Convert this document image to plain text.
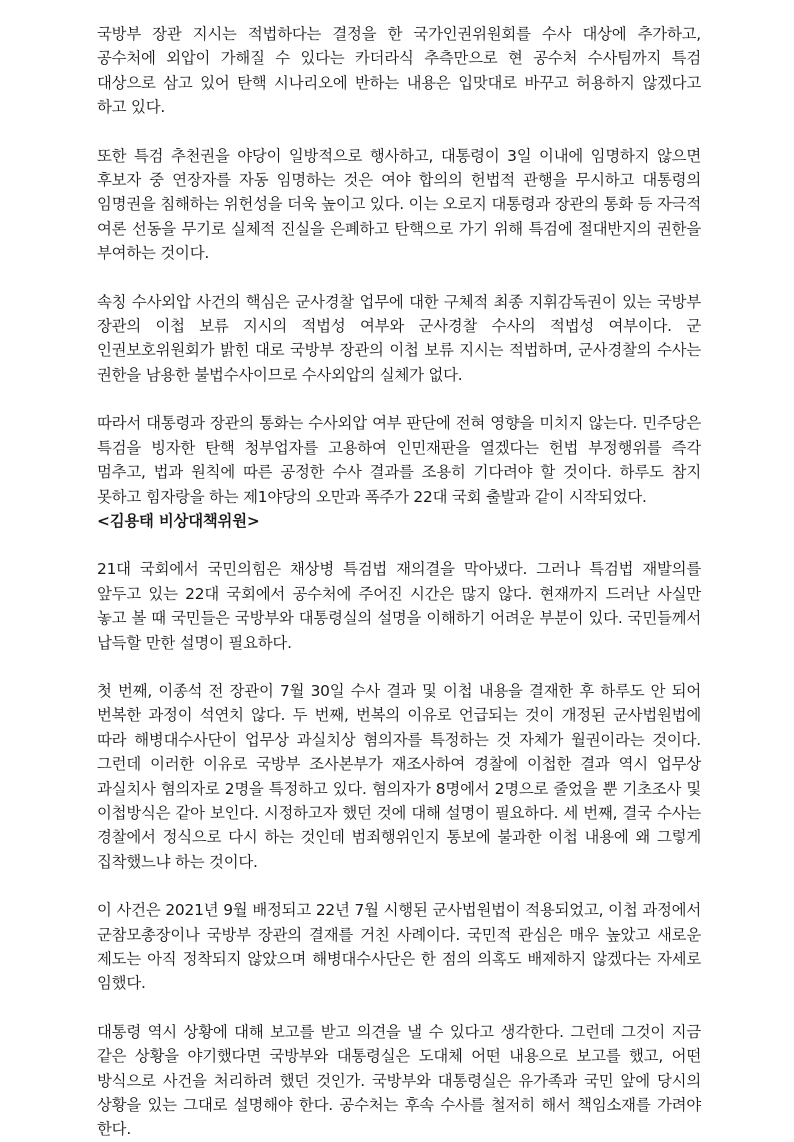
국방부 장관 지시는 적법하다는 결정을 한 국가인권위원회를 수사 대상에 추가하고, 공수처에 외압이 가해질 수 있다는 카더라식 추측만으로 현 공수처 수사팀까지 특검 대상으로 삼고 있어 탄핵 시나리오에 반하는 내용은 입맛대로 바꾸고 허용하지 않겠다고 하고 있다.

또한 특검 추천권을 야당이 일방적으로 행사하고, 대통령이 3일 이내에 임명하지 않으면 후보자 중 연장자를 자동 임명하는 것은 여야 합의의 헌법적 관행을 무시하고 대통령의 임명권을 침해하는 위헌성을 더욱 높이고 있다. 이는 오로지 대통령과 장관의 통화 등 자극적 여론 선동을 무기로 실체적 진실을 은폐하고 탄핵으로 가기 위해 특검에 절대반지의 권한을 부여하는 것이다.

속칭 수사외압 사건의 핵심은 군사경찰 업무에 대한 구체적 최종 지휘감독권이 있는 국방부 장관의 이첩 보류 지시의 적법성 여부와 군사경찰 수사의 적법성 여부이다. 군 인권보호위원회가 밝힌 대로 국방부 장관의 이첩 보류 지시는 적법하며, 군사경찰의 수사는 권한을 남용한 불법수사이므로 수사외압의 실체가 없다.

따라서 대통령과 장관의 통화는 수사외압 여부 판단에 전혀 영향을 미치지 않는다. 민주당은 특검을 빙자한 탄핵 청부업자를 고용하여 인민재판을 열겠다는 헌법 부정행위를 즉각 멈추고, 법과 원칙에 따른 공정한 수사 결과를 조용히 기다려야 할 것이다. 하루도 참지 못하고 힘자랑을 하는 제1야당의 오만과 폭주가 22대 국회 출발과 같이 시작되었다.

<김용태 비상대책위원>

21대 국회에서 국민의힘은 채상병 특검법 재의결을 막아냈다. 그러나 특검법 재발의를 앞두고 있는 22대 국회에서 공수처에 주어진 시간은 많지 않다. 현재까지 드러난 사실만 놓고 볼 때 국민들은 국방부와 대통령실의 설명을 이해하기 어려운 부분이 있다. 국민들께서 납득할 만한 설명이 필요하다.

첫 번째, 이종석 전 장관이 7월 30일 수사 결과 및 이첩 내용을 결재한 후 하루도 안 되어 번복한 과정이 석연치 않다. 두 번째, 번복의 이유로 언급되는 것이 개정된 군사법원법에 따라 해병대수사단이 업무상 과실치상 혐의자를 특정하는 것 자체가 월권이라는 것이다. 그런데 이러한 이유로 국방부 조사본부가 재조사하여 경찰에 이첩한 결과 역시 업무상 과실치사 혐의자로 2명을 특정하고 있다. 혐의자가 8명에서 2명으로 줄었을 뿐 기초조사 및 이첩방식은 같아 보인다. 시정하고자 했던 것에 대해 설명이 필요하다. 세 번째, 결국 수사는 경찰에서 정식으로 다시 하는 것인데 범죄행위인지 통보에 불과한 이첩 내용에 왜 그렇게 집착했느냐 하는 것이다.

이 사건은 2021년 9월 배정되고 22년 7월 시행된 군사법원법이 적용되었고, 이첩 과정에서 군참모총장이나 국방부 장관의 결재를 거친 사례이다. 국민적 관심은 매우 높았고 새로운 제도는 아직 정착되지 않았으며 해병대수사단은 한 점의 의혹도 배제하지 않겠다는 자세로 임했다.

대통령 역시 상황에 대해 보고를 받고 의견을 낼 수 있다고 생각한다. 그런데 그것이 지금 같은 상황을 야기했다면 국방부와 대통령실은 도대체 어떤 내용으로 보고를 했고, 어떤 방식으로 사건을 처리하려 했던 것인가. 국방부와 대통령실은 유가족과 국민 앞에 당시의 상황을 있는 그대로 설명해야 한다. 공수처는 후속 수사를 철저히 해서 책임소재를 가려야 한다.
